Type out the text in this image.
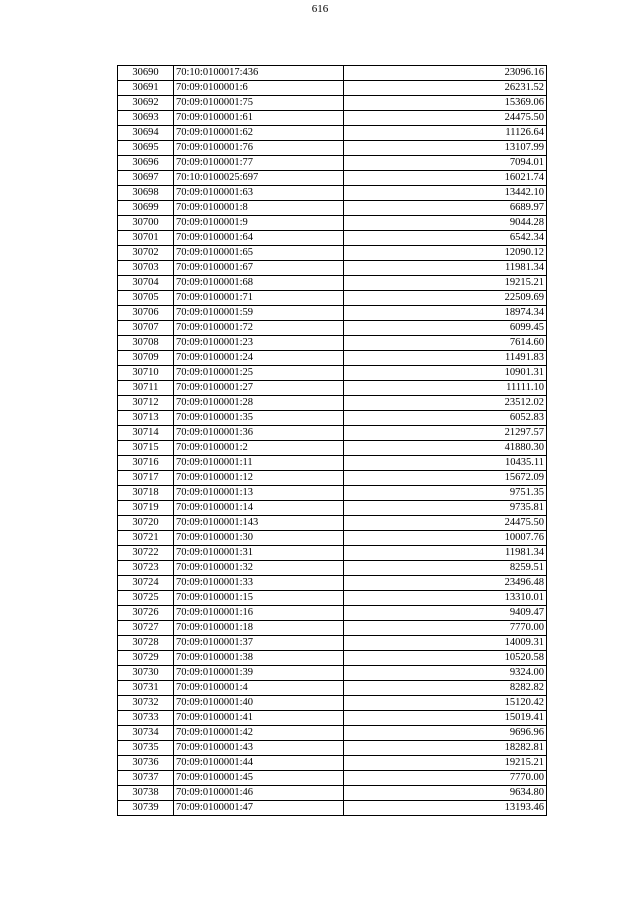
616
30690	70:10:0100017:436	23096.16
30691	70:09:0100001:6	26231.52
30692	70:09:0100001:75	15369.06
30693	70:09:0100001:61	24475.50
30694	70:09:0100001:62	11126.64
30695	70:09:0100001:76	13107.99
30696	70:09:0100001:77	7094.01
30697	70:10:0100025:697	16021.74
30698	70:09:0100001:63	13442.10
30699	70:09:0100001:8	6689.97
30700	70:09:0100001:9	9044.28
30701	70:09:0100001:64	6542.34
30702	70:09:0100001:65	12090.12
30703	70:09:0100001:67	11981.34
30704	70:09:0100001:68	19215.21
30705	70:09:0100001:71	22509.69
30706	70:09:0100001:59	18974.34
30707	70:09:0100001:72	6099.45
30708	70:09:0100001:23	7614.60
30709	70:09:0100001:24	11491.83
30710	70:09:0100001:25	10901.31
30711	70:09:0100001:27	11111.10
30712	70:09:0100001:28	23512.02
30713	70:09:0100001:35	6052.83
30714	70:09:0100001:36	21297.57
30715	70:09:0100001:2	41880.30
30716	70:09:0100001:11	10435.11
30717	70:09:0100001:12	15672.09
30718	70:09:0100001:13	9751.35
30719	70:09:0100001:14	9735.81
30720	70:09:0100001:143	24475.50
30721	70:09:0100001:30	10007.76
30722	70:09:0100001:31	11981.34
30723	70:09:0100001:32	8259.51
30724	70:09:0100001:33	23496.48
30725	70:09:0100001:15	13310.01
30726	70:09:0100001:16	9409.47
30727	70:09:0100001:18	7770.00
30728	70:09:0100001:37	14009.31
30729	70:09:0100001:38	10520.58
30730	70:09:0100001:39	9324.00
30731	70:09:0100001:4	8282.82
30732	70:09:0100001:40	15120.42
30733	70:09:0100001:41	15019.41
30734	70:09:0100001:42	9696.96
30735	70:09:0100001:43	18282.81
30736	70:09:0100001:44	19215.21
30737	70:09:0100001:45	7770.00
30738	70:09:0100001:46	9634.80
30739	70:09:0100001:47	13193.46
